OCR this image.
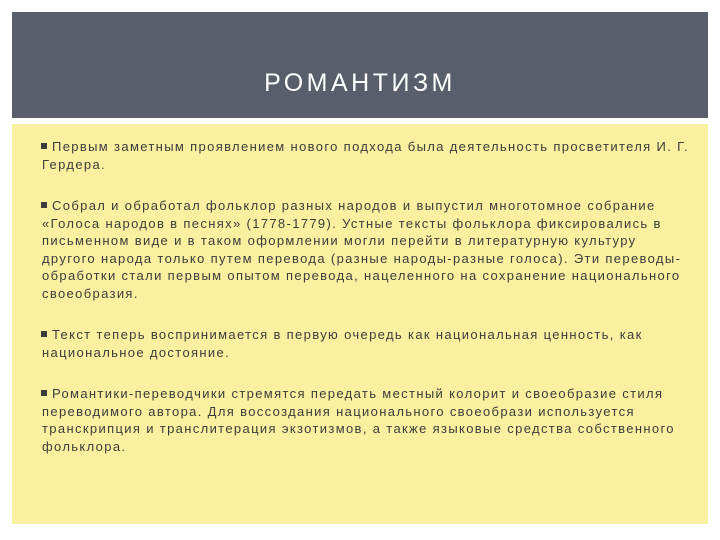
РОМАНТИЗМ
Первым заметным проявлением нового подхода была деятельность просветителя И. Г. Гердера.
Собрал и обработал фольклор разных народов и выпустил многотомное собрание «Голоса народов в песнях» (1778-1779). Устные тексты фольклора фиксировались в письменном виде и в таком оформлении могли перейти в литературную культуру другого народа только путем перевода (разные народы-разные голоса). Эти переводы-обработки стали первым опытом перевода, нацеленного на сохранение национального своеобразия.
Текст теперь воспринимается в первую очередь как национальная ценность, как национальное достояние.
Романтики-переводчики стремятся передать местный колорит и своеобразие стиля переводимого автора. Для воссоздания национального своеобрази используется транскрипция и транслитерация экзотизмов, а также языковые средства собственного фольклора.
